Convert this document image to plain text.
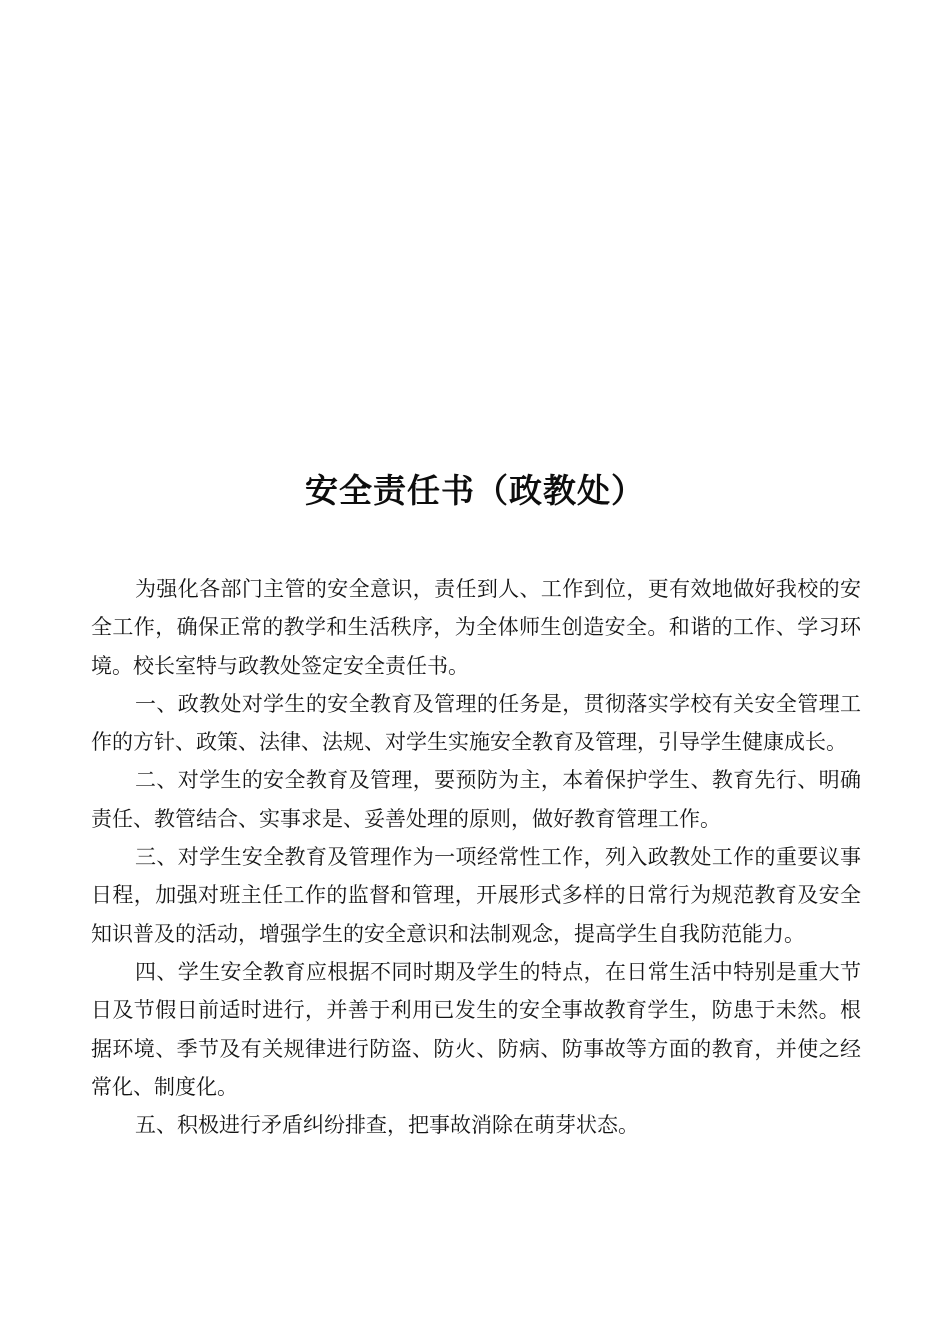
安全责任书（政教处）

为强化各部门主管的安全意识，责任到人、工作到位，更有效地做好我校的安全工作，确保正常的教学和生活秩序，为全体师生创造安全。和谐的工作、学习环境。校长室特与政教处签定安全责任书。

一、政教处对学生的安全教育及管理的任务是，贯彻落实学校有关安全管理工作的方针、政策、法律、法规、对学生实施安全教育及管理，引导学生健康成长。

二、对学生的安全教育及管理，要预防为主，本着保护学生、教育先行、明确责任、教管结合、实事求是、妥善处理的原则，做好教育管理工作。

三、对学生安全教育及管理作为一项经常性工作，列入政教处工作的重要议事日程，加强对班主任工作的监督和管理，开展形式多样的日常行为规范教育及安全知识普及的活动，增强学生的安全意识和法制观念，提高学生自我防范能力。

四、学生安全教育应根据不同时期及学生的特点，在日常生活中特别是重大节日及节假日前适时进行，并善于利用已发生的安全事故教育学生，防患于未然。根据环境、季节及有关规律进行防盗、防火、防病、防事故等方面的教育，并使之经常化、制度化。

五、积极进行矛盾纠纷排查，把事故消除在萌芽状态。
